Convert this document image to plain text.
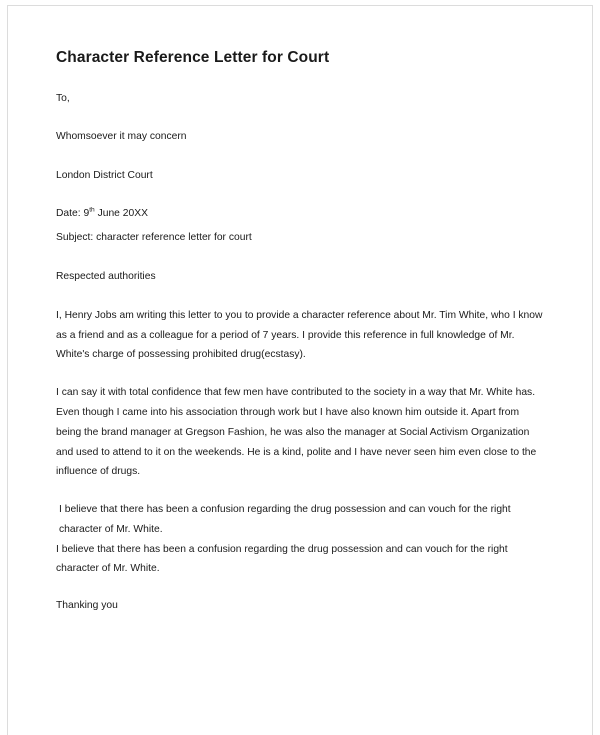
Character Reference Letter for Court

To,

Whomsoever it may concern

London District Court

Date: 9th June 20XX

Subject: character reference letter for court

Respected authorities

I, Henry Jobs am writing this letter to you to provide a character reference about Mr. Tim White, who I know as a friend and as a colleague for a period of 7 years. I provide this reference in full knowledge of Mr. White's charge of possessing prohibited drug(ecstasy).

I can say it with total confidence that few men have contributed to the society in a way that Mr. White has. Even though I came into his association through work but I have also known him outside it. Apart from being the brand manager at Gregson Fashion, he was also the manager at Social Activism Organization and used to attend to it on the weekends. He is a kind, polite and I have never seen him even close to the influence of drugs.

I believe that there has been a confusion regarding the drug possession and can vouch for the right character of Mr. White.

I believe that there has been a confusion regarding the drug possession and can vouch for the right character of Mr. White.

Thanking you
